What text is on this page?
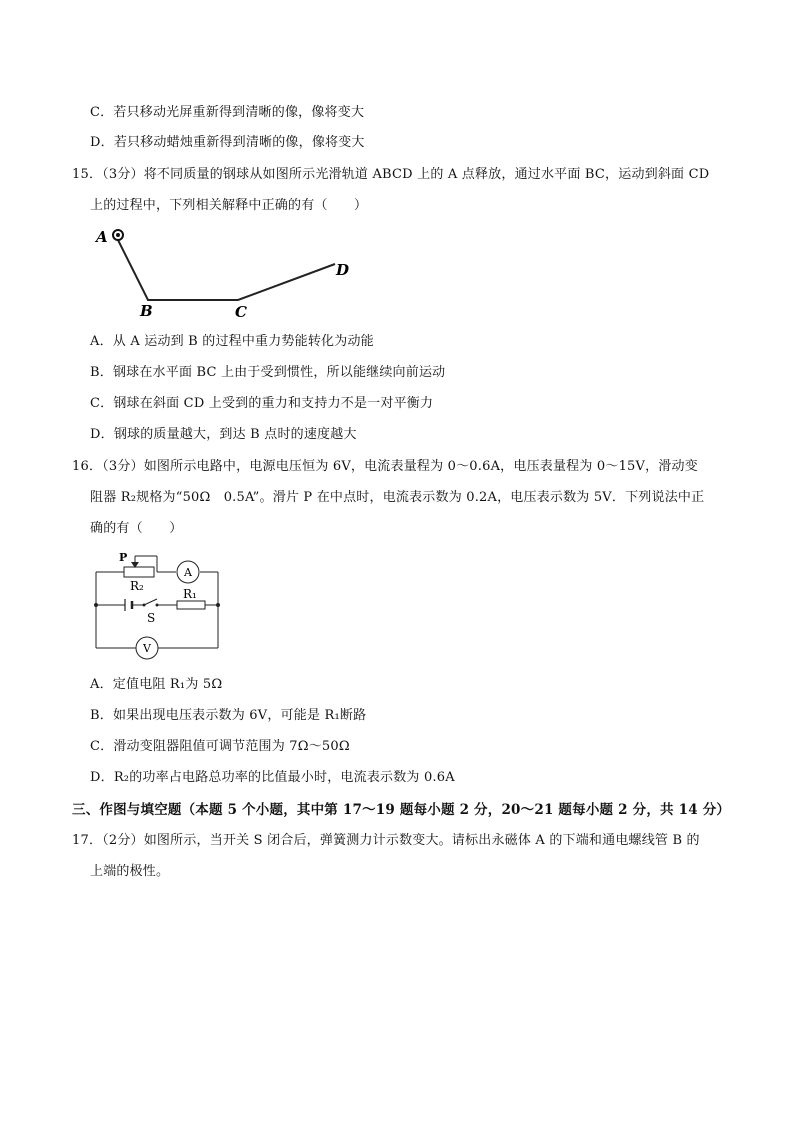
C．若只移动光屏重新得到清晰的像，像将变大
D．若只移动蜡烛重新得到清晰的像，像将变大
15．（3分）将不同质量的钢球从如图所示光滑轨道 ABCD 上的 A 点释放，通过水平面 BC，运动到斜面 CD
上的过程中，下列相关解释中正确的有（　　）
A
B	C
D
A．从 A 运动到 B 的过程中重力势能转化为动能
B．钢球在水平面 BC 上由于受到惯性，所以能继续向前运动
C．钢球在斜面 CD 上受到的重力和支持力不是一对平衡力
D．钢球的质量越大，到达 B 点时的速度越大
16．（3分）如图所示电路中，电源电压恒为 6V，电流表量程为 0～0.6A，电压表量程为 0～15V，滑动变
阻器 R₂规格为“50Ω　0.5A”。滑片 P 在中点时，电流表示数为 0.2A，电压表示数为 5V．下列说法中正
确的有（　　）
P
R₂
A
R₁
S
V
A．定值电阻 R₁为 5Ω
B．如果出现电压表示数为 6V，可能是 R₁断路
C．滑动变阻器阻值可调节范围为 7Ω～50Ω
D．R₂的功率占电路总功率的比值最小时，电流表示数为 0.6A
三、作图与填空题（本题 5 个小题，其中第 17～19 题每小题 2 分，20～21 题每小题 2 分，共 14 分）
17．（2分）如图所示，当开关 S 闭合后，弹簧测力计示数变大。请标出永磁体 A 的下端和通电螺线管 B 的
上端的极性。
